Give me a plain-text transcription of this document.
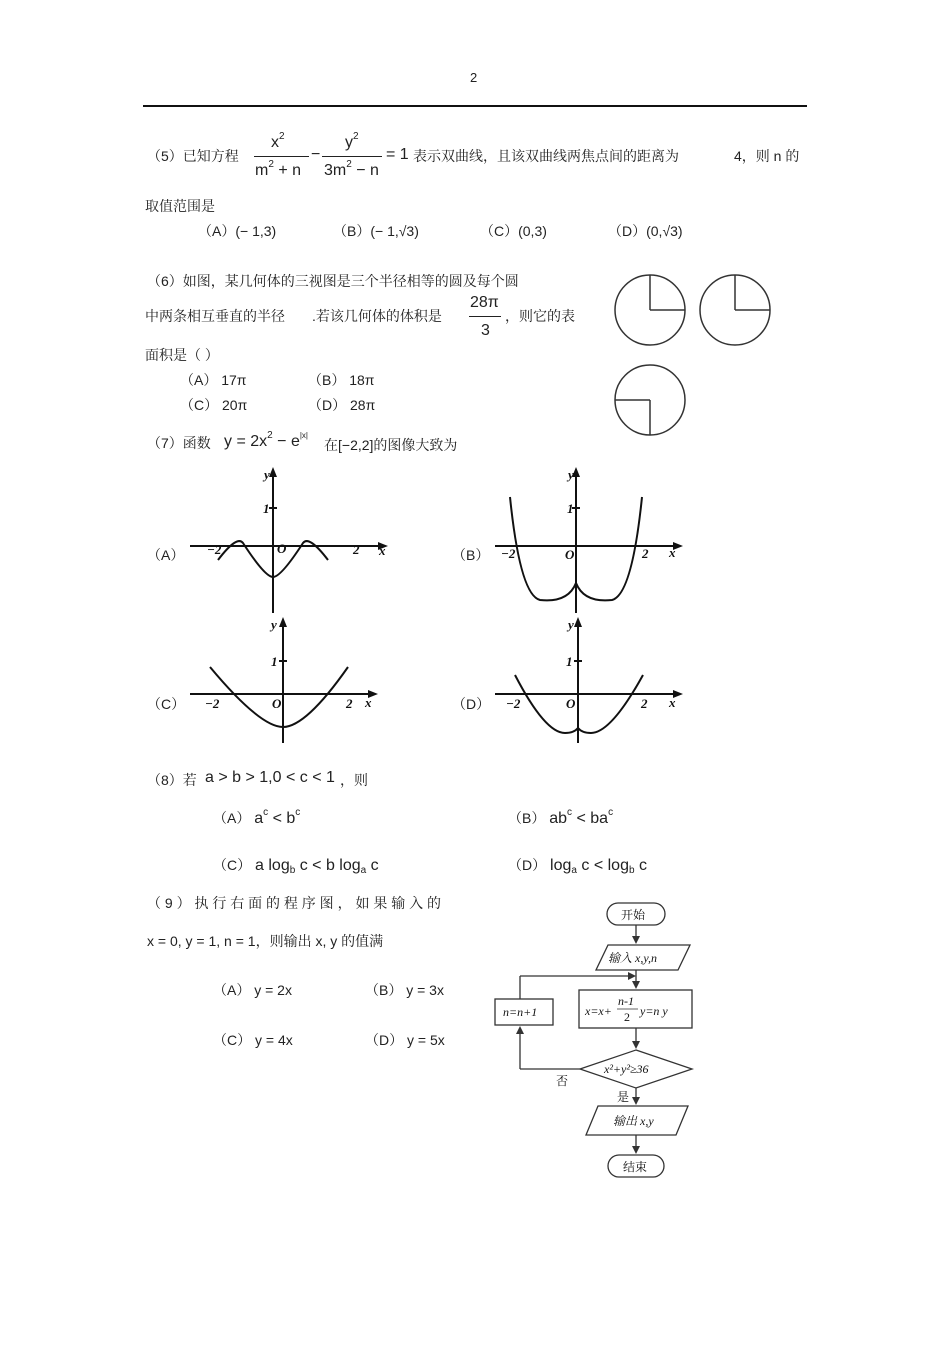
2
（5）已知方程
$x^2$
$m^2 + n$
−
$y^2$
$3m^2 - n$
= 1 表示双曲线，且该双曲线两焦点间的距离为	4，则 n 的
取值范围是
（A）(− 1,3)	（B）(− 1,√3)	（C）(0,3)	（D）(0,√3)
（6）如图，某几何体的三视图是三个半径相等的圆及每个圆
中两条相互垂直的半径 .若该几何体的体积是
28π
3
，则它的表
面积是（ ）
（A） 17π	（B） 18π
（C） 20π	（D） 28π
（7）函数 $y = 2x^2 - e^{|x|}$
在[−2,2]的图像大致为
（A）	（B）
（C）	（D）
y
1
O
−2	2 x
y
1
O
−2	2 x
y
1
O
−2	2 x
y
1
O
−2	2 x
（8）若 a > b > 1,0 < c < 1 ，则
（A） $a^c < b^c$	（B） $ab^c < ba^c$
（C） a logb c < b loga c	（D） loga c < logb c
（ 9 ） 执 行 右 面 的 程 序 图 ， 如 果 输 入 的
x = 0, y = 1, n = 1，则输出 x, y 的值满
（A） y = 2x	（B） y = 3x
（C） y = 4x	（D） y = 5x
开始
输入 x,y,n
x=x+
n-1
2 y=n y
n=n+1
x²+y²≥36
否
是
输出 x,y
结束
